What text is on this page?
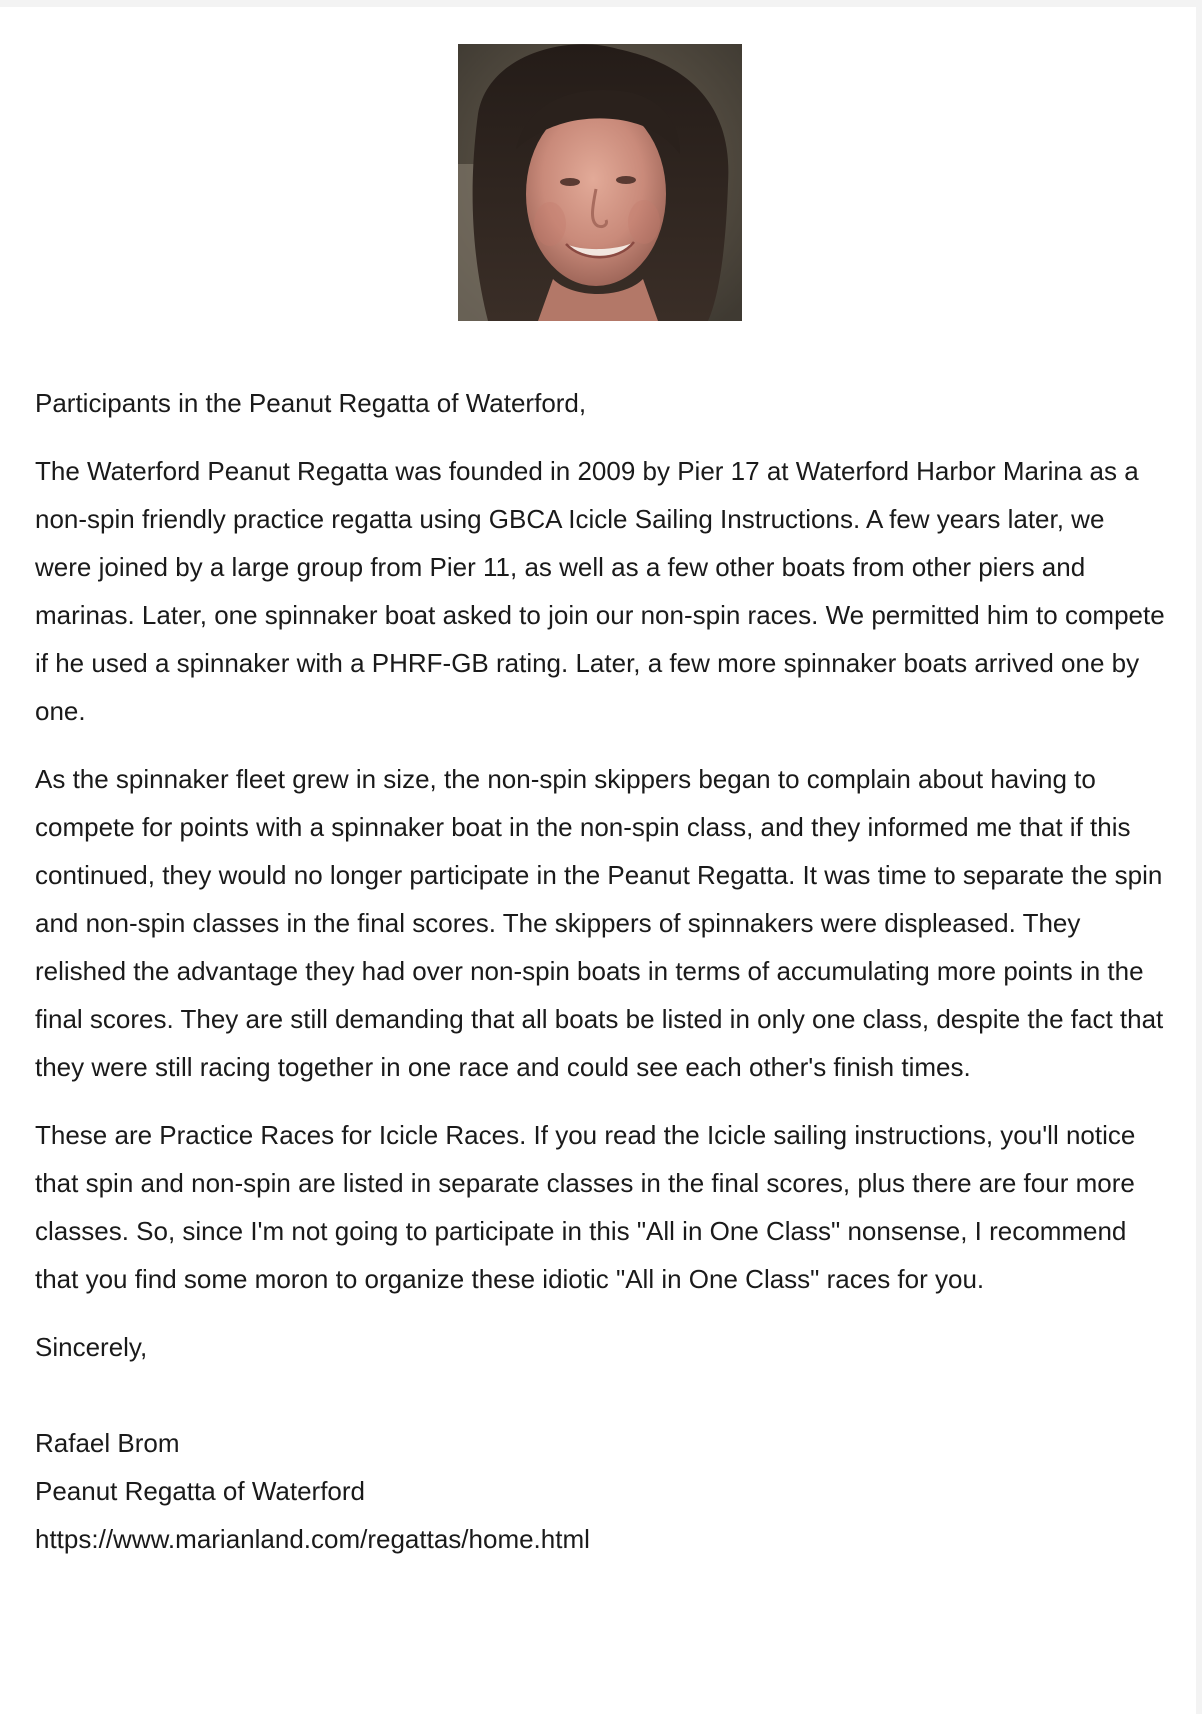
Participants in the Peanut Regatta of Waterford,

The Waterford Peanut Regatta was founded in 2009 by Pier 17 at Waterford Harbor Marina as a non-spin friendly practice regatta using GBCA Icicle Sailing Instructions. A few years later, we were joined by a large group from Pier 11, as well as a few other boats from other piers and marinas. Later, one spinnaker boat asked to join our non-spin races. We permitted him to compete if he used a spinnaker with a PHRF-GB rating. Later, a few more spinnaker boats arrived one by one.

As the spinnaker fleet grew in size, the non-spin skippers began to complain about having to compete for points with a spinnaker boat in the non-spin class, and they informed me that if this continued, they would no longer participate in the Peanut Regatta. It was time to separate the spin and non-spin classes in the final scores. The skippers of spinnakers were displeased. They relished the advantage they had over non-spin boats in terms of accumulating more points in the final scores. They are still demanding that all boats be listed in only one class, despite the fact that they were still racing together in one race and could see each other's finish times.

These are Practice Races for Icicle Races. If you read the Icicle sailing instructions, you'll notice that spin and non-spin are listed in separate classes in the final scores, plus there are four more classes. So, since I'm not going to participate in this "All in One Class" nonsense, I recommend that you find some moron to organize these idiotic "All in One Class" races for you.

Sincerely,
Rafael Brom
Peanut Regatta of Waterford
https://www.marianland.com/regattas/home.html
